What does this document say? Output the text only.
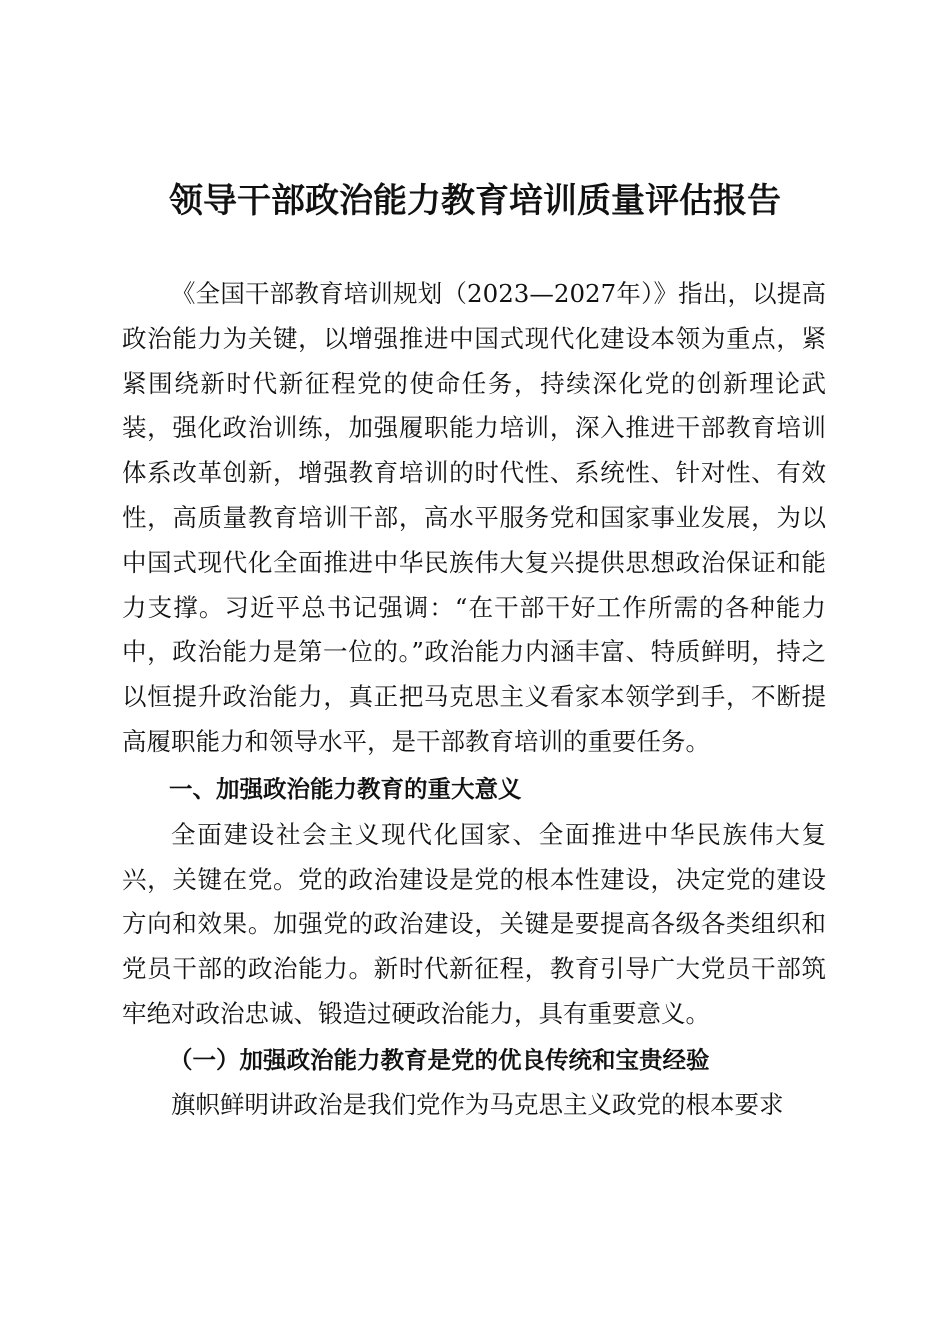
领导干部政治能力教育培训质量评估报告

《全国干部教育培训规划（2023—2027年）》指出，以提高政治能力为关键，以增强推进中国式现代化建设本领为重点，紧紧围绕新时代新征程党的使命任务，持续深化党的创新理论武装，强化政治训练，加强履职能力培训，深入推进干部教育培训体系改革创新，增强教育培训的时代性、系统性、针对性、有效性，高质量教育培训干部，高水平服务党和国家事业发展，为以中国式现代化全面推进中华民族伟大复兴提供思想政治保证和能力支撑。习近平总书记强调：“在干部干好工作所需的各种能力中，政治能力是第一位的。”政治能力内涵丰富、特质鲜明，持之以恒提升政治能力，真正把马克思主义看家本领学到手，不断提高履职能力和领导水平，是干部教育培训的重要任务。

一、加强政治能力教育的重大意义

全面建设社会主义现代化国家、全面推进中华民族伟大复兴，关键在党。党的政治建设是党的根本性建设，决定党的建设方向和效果。加强党的政治建设，关键是要提高各级各类组织和党员干部的政治能力。新时代新征程，教育引导广大党员干部筑牢绝对政治忠诚、锻造过硬政治能力，具有重要意义。

（一）加强政治能力教育是党的优良传统和宝贵经验

旗帜鲜明讲政治是我们党作为马克思主义政党的根本要求
